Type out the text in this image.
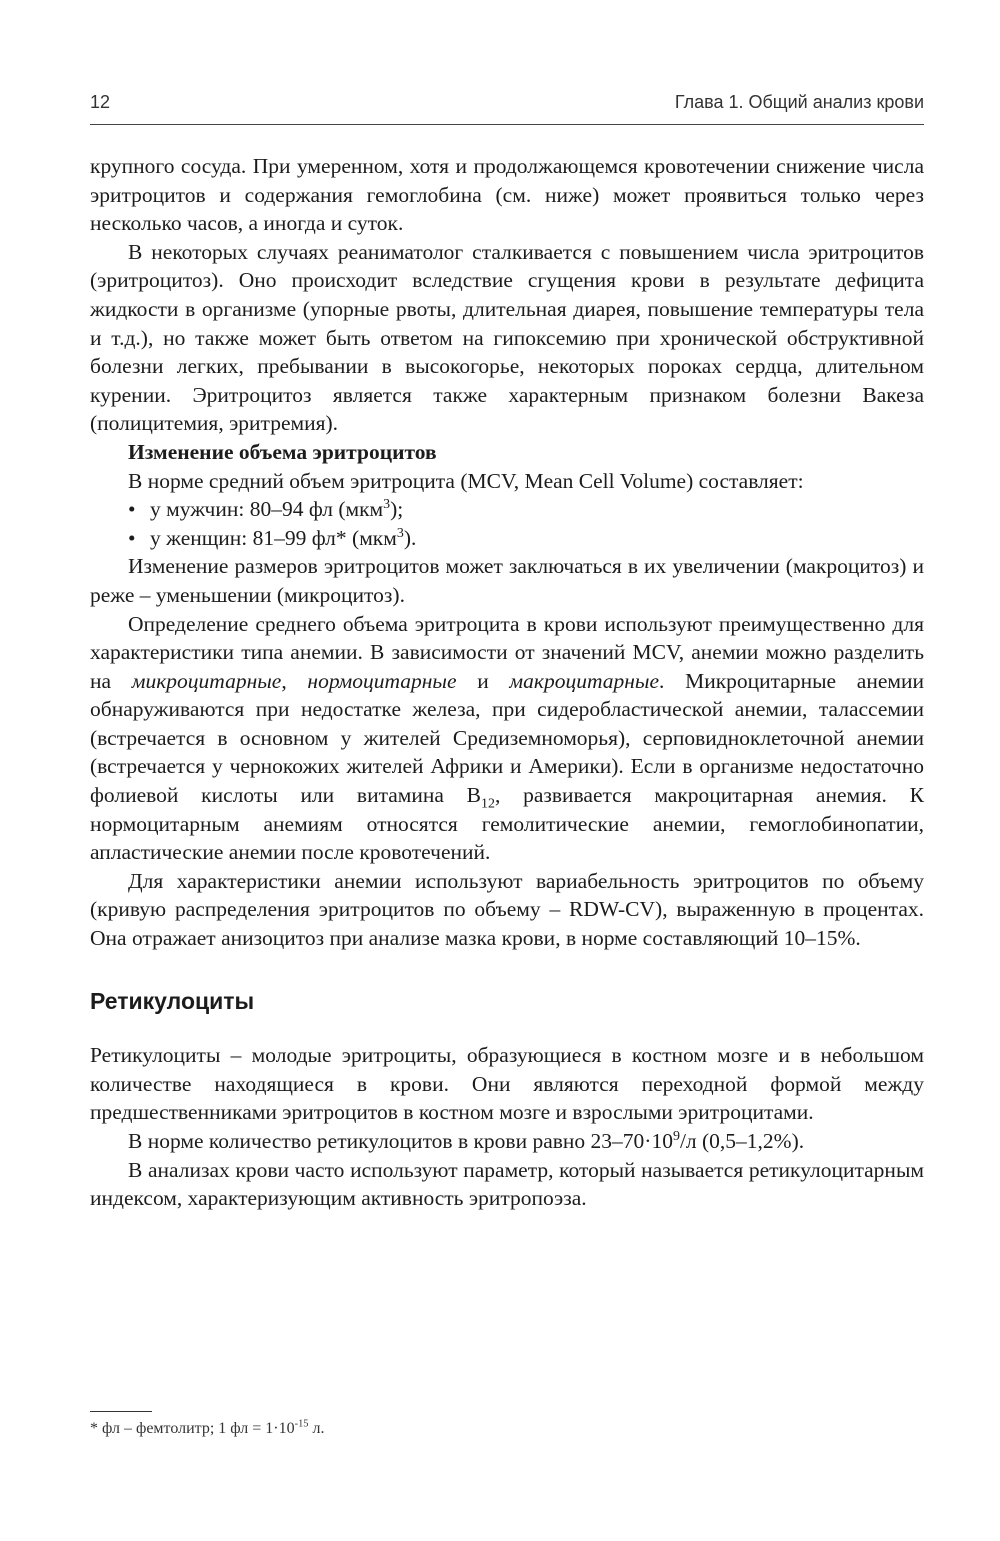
12	Глава 1. Общий анализ крови

крупного сосуда. При умеренном, хотя и продолжающемся кровотечении снижение числа эритроцитов и содержания гемоглобина (см. ниже) может проявиться только через несколько часов, а иногда и суток.

В некоторых случаях реаниматолог сталкивается с повышением числа эритроцитов (эритроцитоз). Оно происходит вследствие сгущения крови в результате дефицита жидкости в организме (упорные рвоты, длительная диарея, повышение температуры тела и т.д.), но также может быть ответом на гипоксемию при хронической обструктивной болезни легких, пребывании в высокогорье, некоторых пороках сердца, длительном курении. Эритроцитоз является также характерным признаком болезни Вакеза (полицитемия, эритремия).

Изменение объема эритроцитов

В норме средний объем эритроцита (MCV, Mean Cell Volume) составляет:

• у мужчин: 80–94 фл (мкм$^3$);

• у женщин: 81–99 фл* (мкм$^3$).

Изменение размеров эритроцитов может заключаться в их увеличении (макроцитоз) и реже – уменьшении (микроцитоз).

Определение среднего объема эритроцита в крови используют преимущественно для характеристики типа анемии. В зависимости от значений MCV, анемии можно разделить на микроцитарные, нормоцитарные и макроцитарные. Микроцитарные анемии обнаруживаются при недостатке железа, при сидеробластической анемии, талассемии (встречается в основном у жителей Средиземноморья), серповидноклеточной анемии (встречается у чернокожих жителей Африки и Америки). Если в организме недостаточно фолиевой кислоты или витамина $B_{12}$, развивается макроцитарная анемия. К нормоцитарным анемиям относятся гемолитические анемии, гемоглобинопатии, апластические анемии после кровотечений.

Для характеристики анемии используют вариабельность эритроцитов по объему (кривую распределения эритроцитов по объему – RDW-CV), выраженную в процентах. Она отражает анизоцитоз при анализе мазка крови, в норме составляющий 10–15%.

Ретикулоциты

Ретикулоциты – молодые эритроциты, образующиеся в костном мозге и в небольшом количестве находящиеся в крови. Они являются переходной формой между предшественниками эритроцитов в костном мозге и взрослыми эритроцитами.

В норме количество ретикулоцитов в крови равно $23-70\cdot 10^9/л$ (0,5–1,2%).

В анализах крови часто используют параметр, который называется ретикулоцитарным индексом, характеризующим активность эритропоэза.

* фл – фемтолитр; 1 фл = $1\cdot 10^{-15}$ л.
